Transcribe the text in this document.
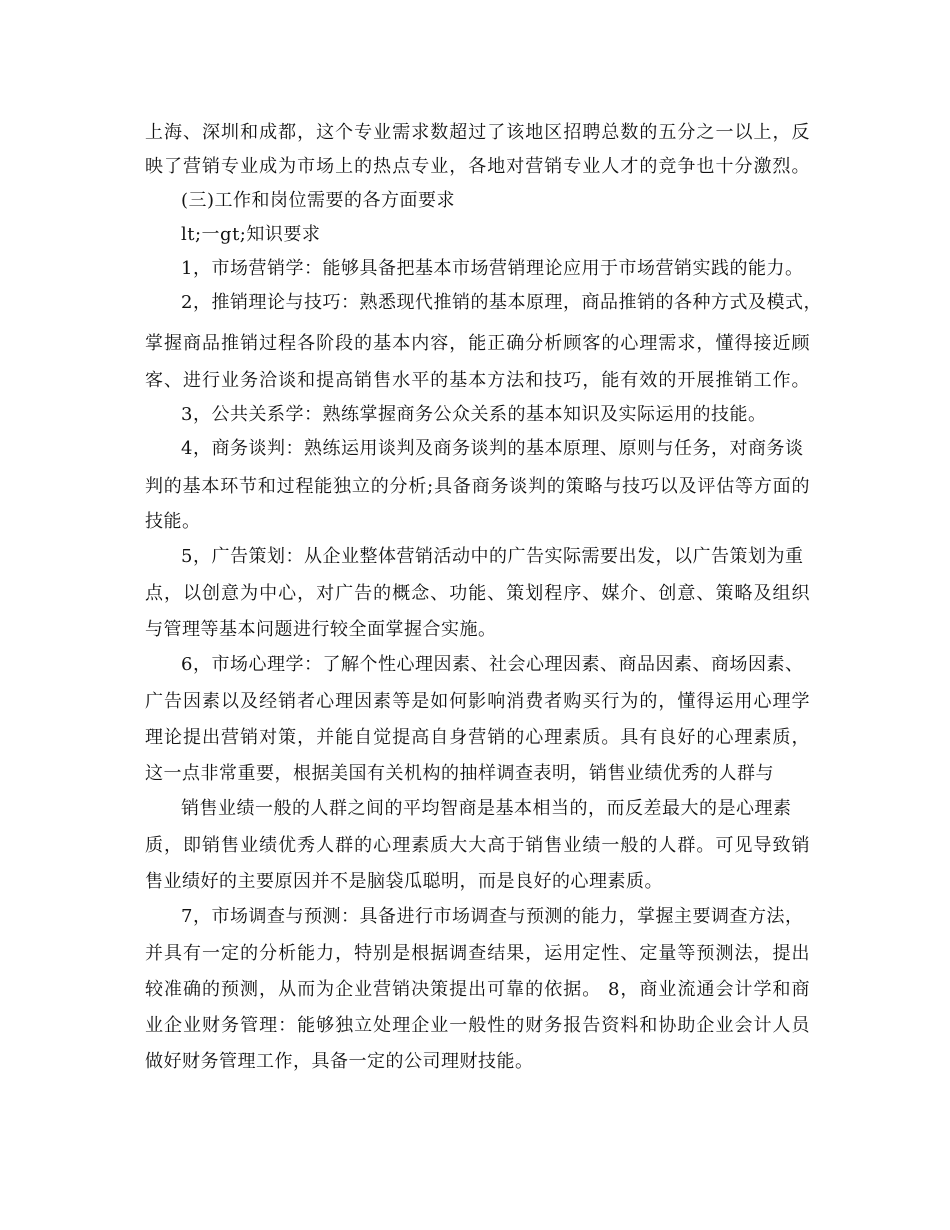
上海、深圳和成都，这个专业需求数超过了该地区招聘总数的五分之一以上，反
映了营销专业成为市场上的热点专业，各地对营销专业人才的竞争也十分激烈。
(三)工作和岗位需要的各方面要求
lt;一gt;知识要求
1，市场营销学：能够具备把基本市场营销理论应用于市场营销实践的能力。
2，推销理论与技巧：熟悉现代推销的基本原理，商品推销的各种方式及模式，
掌握商品推销过程各阶段的基本内容，能正确分析顾客的心理需求，懂得接近顾
客、进行业务洽谈和提高销售水平的基本方法和技巧，能有效的开展推销工作。
3，公共关系学：熟练掌握商务公众关系的基本知识及实际运用的技能。
4，商务谈判：熟练运用谈判及商务谈判的基本原理、原则与任务，对商务谈
判的基本环节和过程能独立的分析;具备商务谈判的策略与技巧以及评估等方面的
技能。
5，广告策划：从企业整体营销活动中的广告实际需要出发，以广告策划为重
点，以创意为中心，对广告的概念、功能、策划程序、媒介、创意、策略及组织
与管理等基本问题进行较全面掌握合实施。
6，市场心理学：了解个性心理因素、社会心理因素、商品因素、商场因素、
广告因素以及经销者心理因素等是如何影响消费者购买行为的，懂得运用心理学
理论提出营销对策，并能自觉提高自身营销的心理素质。具有良好的心理素质，
这一点非常重要，根据美国有关机构的抽样调查表明，销售业绩优秀的人群与
销售业绩一般的人群之间的平均智商是基本相当的，而反差最大的是心理素
质，即销售业绩优秀人群的心理素质大大高于销售业绩一般的人群。可见导致销
售业绩好的主要原因并不是脑袋瓜聪明，而是良好的心理素质。
7，市场调查与预测：具备进行市场调查与预测的能力，掌握主要调查方法，
并具有一定的分析能力，特别是根据调查结果，运用定性、定量等预测法，提出
较准确的预测，从而为企业营销决策提出可靠的依据。 8，商业流通会计学和商
业企业财务管理：能够独立处理企业一般性的财务报告资料和协助企业会计人员
做好财务管理工作，具备一定的公司理财技能。
